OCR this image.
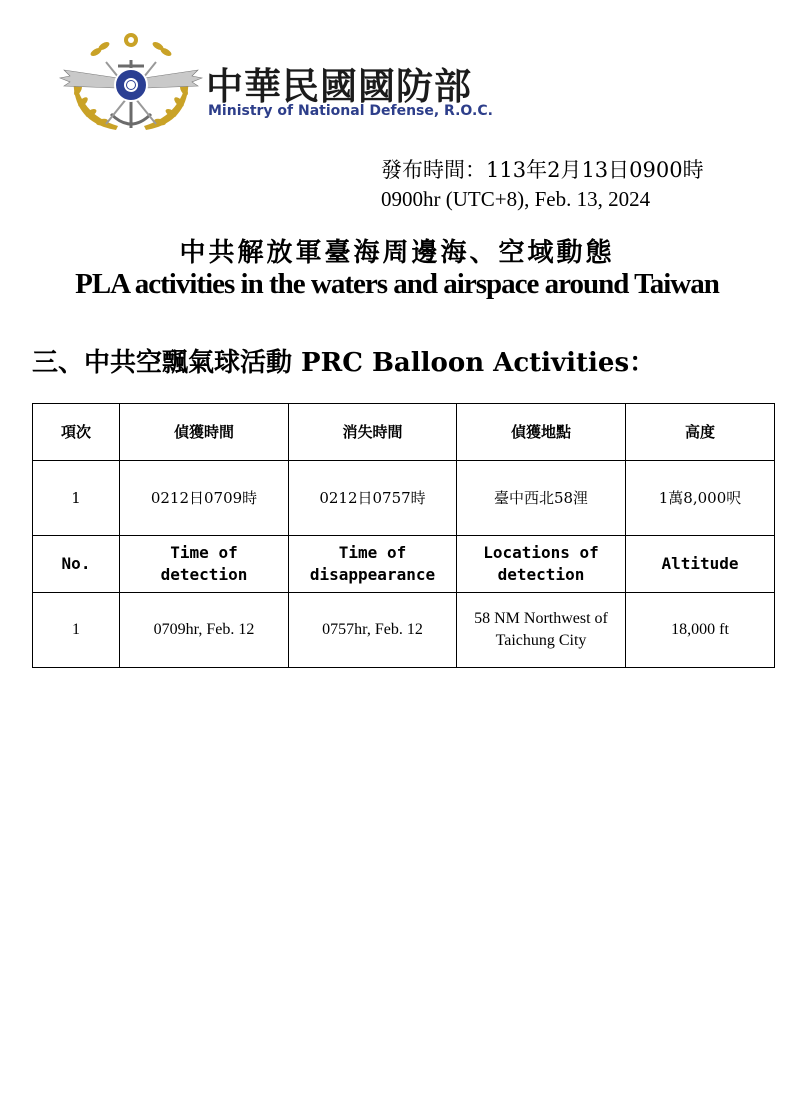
中華民國國防部
Ministry of National Defense, R.O.C.
發布時間：113年2月13日0900時
0900hr (UTC+8), Feb. 13, 2024
中共解放軍臺海周邊海、空域動態
PLA activities in the waters and airspace around Taiwan
三、中共空飄氣球活動 PRC Balloon Activities：
項次	偵獲時間	消失時間	偵獲地點	高度
1	0212日0709時	0212日0757時	臺中西北58浬	1萬8,000呎
No.	Time of detection	Time of disappearance	Locations of detection	Altitude
1	0709hr, Feb. 12	0757hr, Feb. 12	58 NM Northwest of Taichung City	18,000 ft
